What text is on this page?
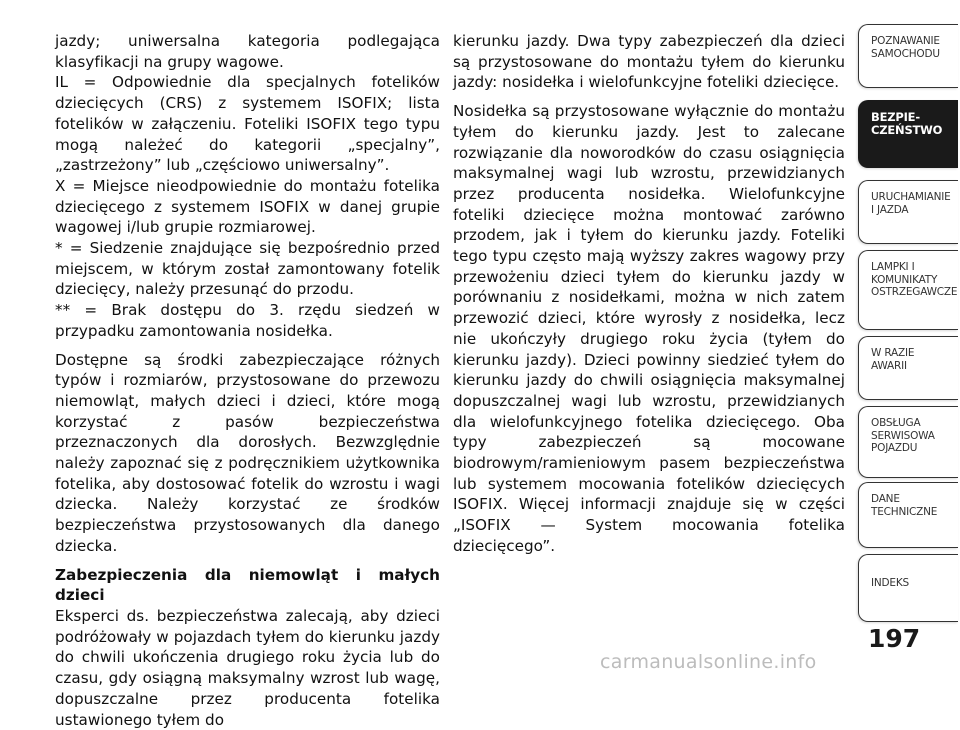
jazdy; uniwersalna kategoria podlegająca klasyfikacji na grupy wagowe.

IL = Odpowiednie dla specjalnych fotelików dziecięcych (CRS) z systemem ISOFIX; lista fotelików w załączeniu. Foteliki ISOFIX tego typu mogą należeć do kategorii „specjalny”, „zastrzeżony” lub „częściowo uniwersalny”.

X = Miejsce nieodpowiednie do montażu fotelika dziecięcego z systemem ISOFIX w danej grupie wagowej i/lub grupie rozmiarowej.

* = Siedzenie znajdujące się bezpośrednio przed miejscem, w którym został zamontowany fotelik dziecięcy, należy przesunąć do przodu.

** = Brak dostępu do 3. rzędu siedzeń w przypadku zamontowania nosidełka.

Dostępne są środki zabezpieczające różnych typów i rozmiarów, przystosowane do przewozu niemowląt, małych dzieci i dzieci, które mogą korzystać z pasów bezpieczeństwa przeznaczonych dla dorosłych. Bezwzględnie należy zapoznać się z podręcznikiem użytkownika fotelika, aby dostosować fotelik do wzrostu i wagi dziecka. Należy korzystać ze środków bezpieczeństwa przystosowanych dla danego dziecka.

Zabezpieczenia dla niemowląt i małych dzieci

Eksperci ds. bezpieczeństwa zalecają, aby dzieci podróżowały w pojazdach tyłem do kierunku jazdy do chwili ukończenia drugiego roku życia lub do czasu, gdy osiągną maksymalny wzrost lub wagę, dopuszczalne przez producenta fotelika ustawionego tyłem do

kierunku jazdy. Dwa typy zabezpieczeń dla dzieci są przystosowane do montażu tyłem do kierunku jazdy: nosidełka i wielofunkcyjne foteliki dziecięce.

Nosidełka są przystosowane wyłącznie do montażu tyłem do kierunku jazdy. Jest to zalecane rozwiązanie dla noworodków do czasu osiągnięcia maksymalnej wagi lub wzrostu, przewidzianych przez producenta nosidełka. Wielofunkcyjne foteliki dziecięce można montować zarówno przodem, jak i tyłem do kierunku jazdy. Foteliki tego typu często mają wyższy zakres wagowy przy przewożeniu dzieci tyłem do kierunku jazdy w porównaniu z nosidełkami, można w nich zatem przewozić dzieci, które wyrosły z nosidełka, lecz nie ukończyły drugiego roku życia (tyłem do kierunku jazdy). Dzieci powinny siedzieć tyłem do kierunku jazdy do chwili osiągnięcia maksymalnej dopuszczalnej wagi lub wzrostu, przewidzianych dla wielofunkcyjnego fotelika dziecięcego. Oba typy zabezpieczeń są mocowane biodrowym/ramieniowym pasem bezpieczeństwa lub systemem mocowania fotelików dziecięcych ISOFIX. Więcej informacji znajduje się w części „ISOFIX — System mocowania fotelika dziecięcego”.

POZNAWANIE
SAMOCHODU
BEZPIE-
CZEŃSTWO
URUCHAMIANIE
I JAZDA
LAMPKI I
KOMUNIKATY
OSTRZEGAWCZE
W RAZIE
AWARII
OBSŁUGA
SERWISOWA
POJAZDU
DANE
TECHNICZNE
INDEKS
197
carmanualsonline.info
